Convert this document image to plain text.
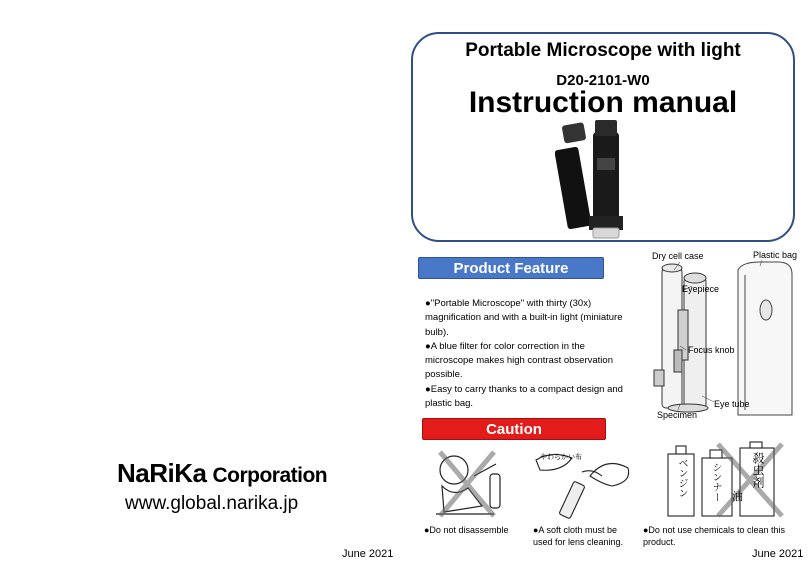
NaRiKa Corporation
www.global.narika.jp
June 2021
Portable Microscope with light
D20-2101-W0
Instruction manual
Product Feature

●"Portable Microscope" with thirty (30x) magnification and with a built-in light (miniature bulb).

●A blue filter for color correction in the microscope makes high contrast observation possible.

●Easy to carry thanks to a compact design and plastic bag.

Dry cell case	Plastic bag
Eyepiece
Focus knob
Specimen
Eye tube
Caution
やわらかい布
ベンジン シンナー 油
殺虫剤
●Do not disassemble	●A soft cloth must be used for lens cleaning.
●Do not use chemicals to clean this product.
June 2021
